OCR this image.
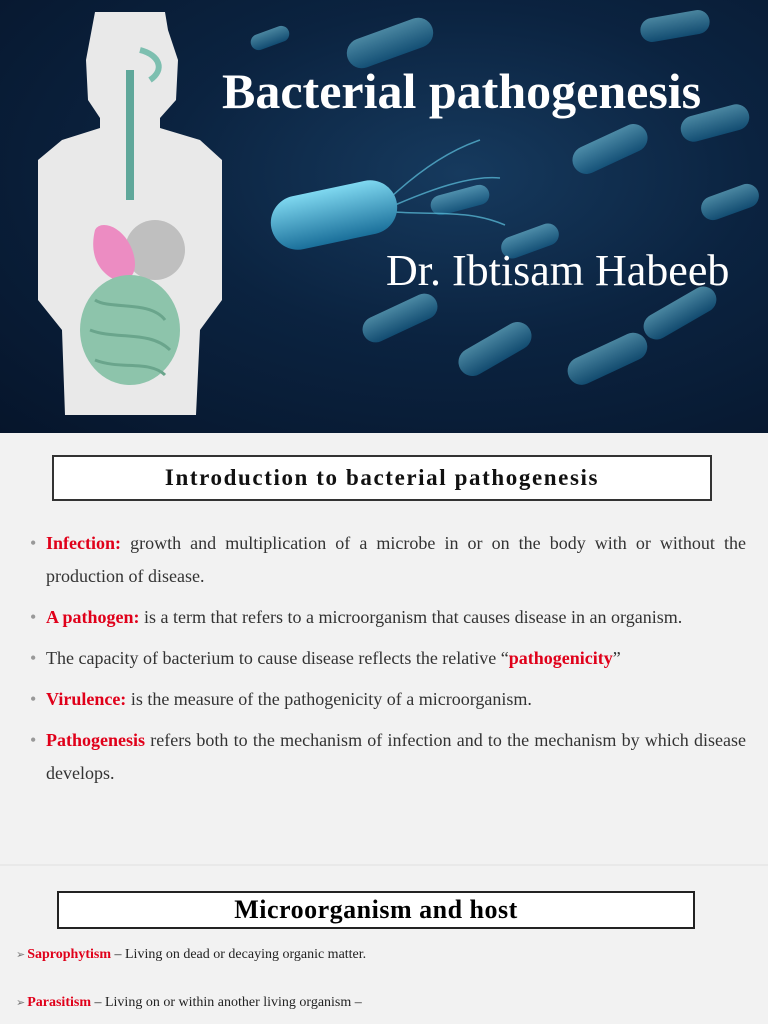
Bacterial pathogenesis

Dr. Ibtisam Habeeb

Introduction to bacterial pathogenesis
• Infection: growth and multiplication of a microbe in or on the body with or without the production of disease.
• A pathogen: is a term that refers to a microorganism that causes disease in an organism.
• The capacity of bacterium to cause disease reflects the relative “pathogenicity”
• Virulence: is the measure of the pathogenicity of a microorganism.
• Pathogenesis refers both to the mechanism of infection and to the mechanism by which disease develops.
Microorganism and host
➢ Saprophytism – Living on dead or decaying organic matter.
➢ Parasitism – Living on or within another living organism –
